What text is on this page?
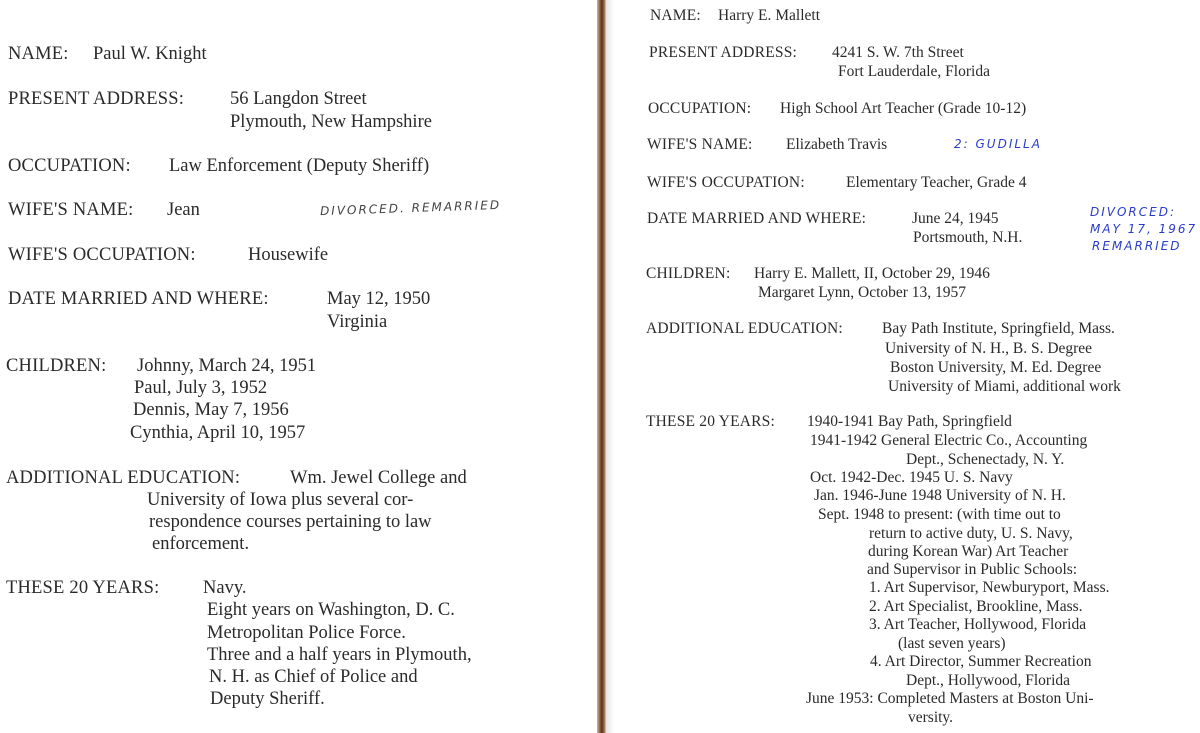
NAME: Paul W. Knight
PRESENT ADDRESS: 56 Langdon Street
Plymouth, New Hampshire
OCCUPATION: Law Enforcement (Deputy Sheriff)
WIFE'S NAME: Jean	DIVORCED. REMARRIED
WIFE'S OCCUPATION:	Housewife
DATE MARRIED AND WHERE:	May 12, 1950
Virginia
CHILDREN: Johnny, March 24, 1951
Paul, July 3, 1952
Dennis, May 7, 1956
Cynthia, April 10, 1957
ADDITIONAL EDUCATION:	Wm. Jewel College and
University of Iowa plus several cor-
respondence courses pertaining to law
enforcement.
THESE 20 YEARS: Navy.
Eight years on Washington, D. C.
Metropolitan Police Force.
Three and a half years in Plymouth,
N. H. as Chief of Police and
Deputy Sheriff.
NAME: Harry E. Mallett
PRESENT ADDRESS: 4241 S. W. 7th Street
Fort Lauderdale, Florida
OCCUPATION: High School Art Teacher (Grade 10-12)
WIFE'S NAME: Elizabeth Travis	2: GUDILLA
WIFE'S OCCUPATION:	Elementary Teacher, Grade 4
DATE MARRIED AND WHERE:	June 24, 1945
Portsmouth, N.H.
DIVORCED:
MAY 17, 1967
REMARRIED
CHILDREN: Harry E. Mallett, II, October 29, 1946
Margaret Lynn, October 13, 1957
ADDITIONAL EDUCATION:	Bay Path Institute, Springfield, Mass.
University of N. H., B. S. Degree
Boston University, M. Ed. Degree
University of Miami, additional work
THESE 20 YEARS: 1940-1941 Bay Path, Springfield
1941-1942 General Electric Co., Accounting
Dept., Schenectady, N. Y.
Oct. 1942-Dec. 1945 U. S. Navy
Jan. 1946-June 1948 University of N. H.
Sept. 1948 to present: (with time out to
return to active duty, U. S. Navy,
during Korean War) Art Teacher
and Supervisor in Public Schools:
1. Art Supervisor, Newburyport, Mass.
2. Art Specialist, Brookline, Mass.
3. Art Teacher, Hollywood, Florida
(last seven years)
4. Art Director, Summer Recreation
Dept., Hollywood, Florida
June 1953: Completed Masters at Boston Uni-
versity.
